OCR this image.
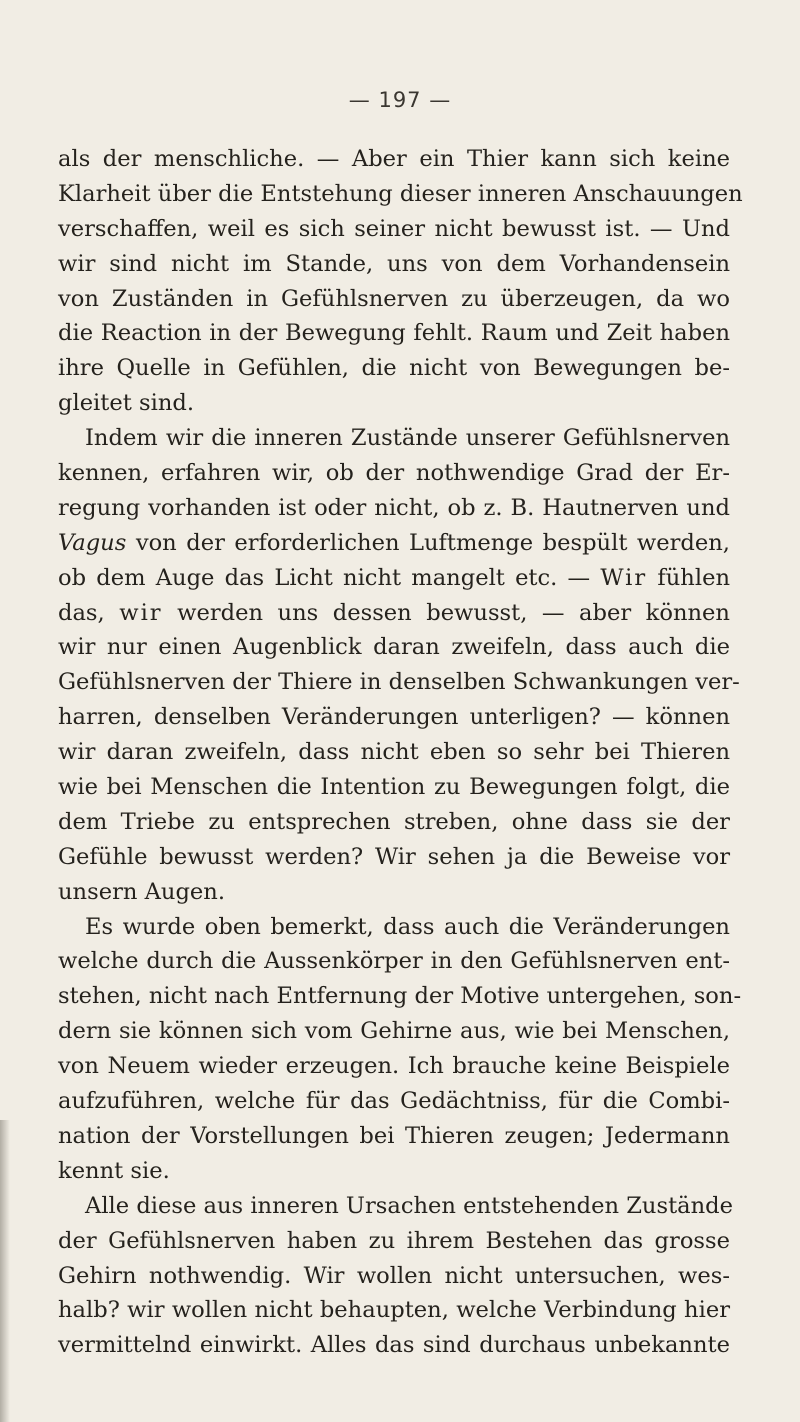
— 197 —
als der menschliche. — Aber ein Thier kann sich keine
Klarheit über die Entstehung dieser inneren Anschauungen
verschaffen, weil es sich seiner nicht bewusst ist. — Und
wir sind nicht im Stande, uns von dem Vorhandensein
von Zuständen in Gefühlsnerven zu überzeugen, da wo
die Reaction in der Bewegung fehlt. Raum und Zeit haben
ihre Quelle in Gefühlen, die nicht von Bewegungen be-
gleitet sind.
Indem wir die inneren Zustände unserer Gefühlsnerven
kennen, erfahren wir, ob der nothwendige Grad der Er-
regung vorhanden ist oder nicht, ob z. B. Hautnerven und
Vagus von der erforderlichen Luftmenge bespült werden,
ob dem Auge das Licht nicht mangelt etc. — Wir fühlen
das, wir werden uns dessen bewusst, — aber können
wir nur einen Augenblick daran zweifeln, dass auch die
Gefühlsnerven der Thiere in denselben Schwankungen ver-
harren, denselben Veränderungen unterligen? — können
wir daran zweifeln, dass nicht eben so sehr bei Thieren
wie bei Menschen die Intention zu Bewegungen folgt, die
dem Triebe zu entsprechen streben, ohne dass sie der
Gefühle bewusst werden? Wir sehen ja die Beweise vor
unsern Augen.
Es wurde oben bemerkt, dass auch die Veränderungen
welche durch die Aussenkörper in den Gefühlsnerven ent-
stehen, nicht nach Entfernung der Motive untergehen, son-
dern sie können sich vom Gehirne aus, wie bei Menschen,
von Neuem wieder erzeugen. Ich brauche keine Beispiele
aufzuführen, welche für das Gedächtniss, für die Combi-
nation der Vorstellungen bei Thieren zeugen; Jedermann
kennt sie.
Alle diese aus inneren Ursachen entstehenden Zustände
der Gefühlsnerven haben zu ihrem Bestehen das grosse
Gehirn nothwendig. Wir wollen nicht untersuchen, wes-
halb? wir wollen nicht behaupten, welche Verbindung hier
vermittelnd einwirkt. Alles das sind durchaus unbekannte
